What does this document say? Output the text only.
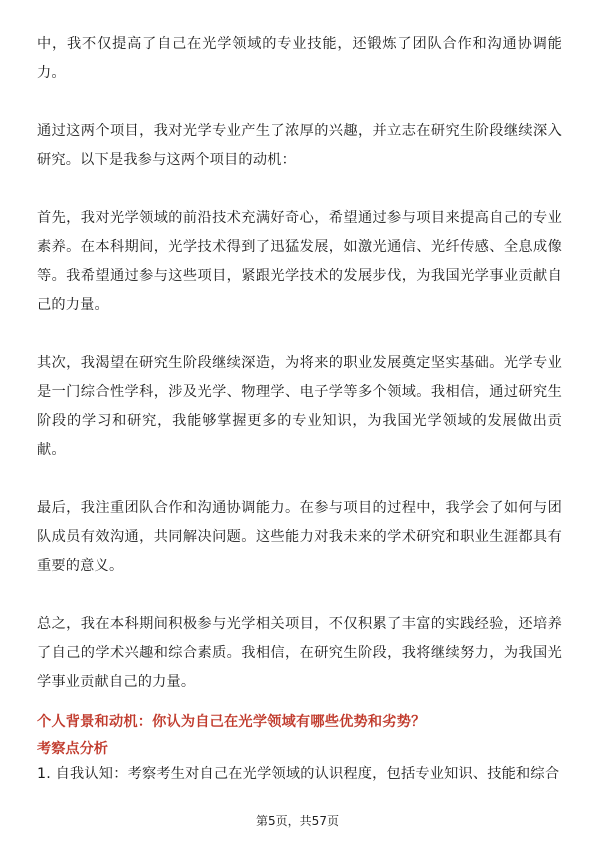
中，我不仅提高了自己在光学领域的专业技能，还锻炼了团队合作和沟通协调能力。

通过这两个项目，我对光学专业产生了浓厚的兴趣，并立志在研究生阶段继续深入研究。以下是我参与这两个项目的动机：

首先，我对光学领域的前沿技术充满好奇心，希望通过参与项目来提高自己的专业素养。在本科期间，光学技术得到了迅猛发展，如激光通信、光纤传感、全息成像等。我希望通过参与这些项目，紧跟光学技术的发展步伐，为我国光学事业贡献自己的力量。

其次，我渴望在研究生阶段继续深造，为将来的职业发展奠定坚实基础。光学专业是一门综合性学科，涉及光学、物理学、电子学等多个领域。我相信，通过研究生阶段的学习和研究，我能够掌握更多的专业知识，为我国光学领域的发展做出贡献。

最后，我注重团队合作和沟通协调能力。在参与项目的过程中，我学会了如何与团队成员有效沟通，共同解决问题。这些能力对我未来的学术研究和职业生涯都具有重要的意义。

总之，我在本科期间积极参与光学相关项目，不仅积累了丰富的实践经验，还培养了自己的学术兴趣和综合素质。我相信，在研究生阶段，我将继续努力，为我国光学事业贡献自己的力量。

个人背景和动机：你认为自己在光学领域有哪些优势和劣势？

考察点分析

1. 自我认知：考察考生对自己在光学领域的认识程度，包括专业知识、技能和综合

第5页，共57页
